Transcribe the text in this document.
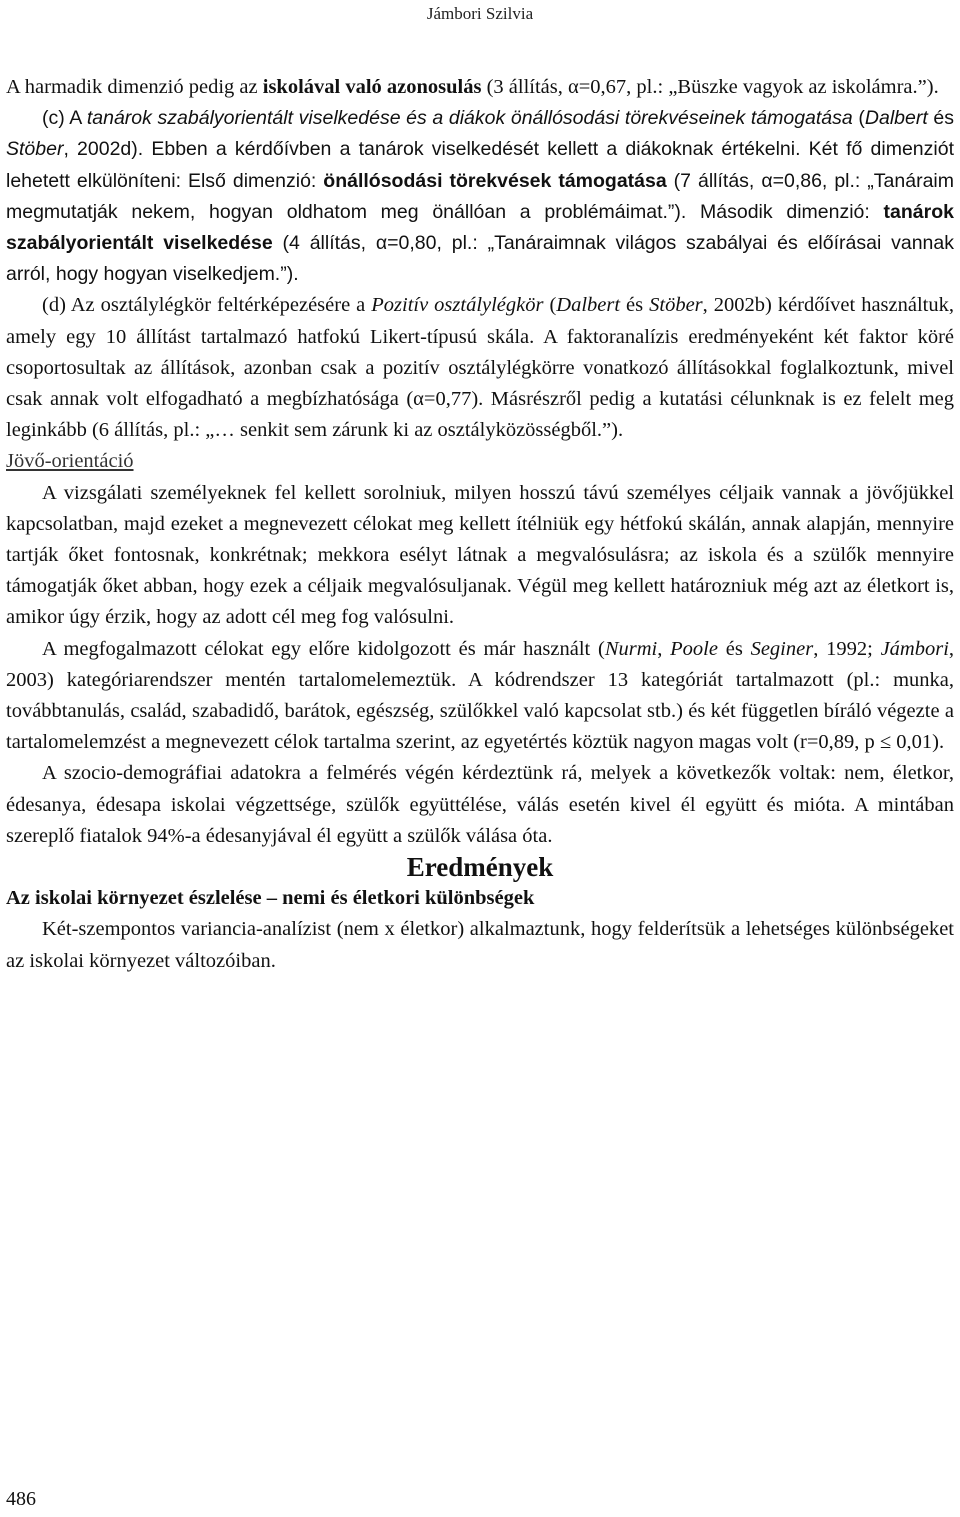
Jámbori Szilvia

A harmadik dimenzió pedig az iskolával való azonosulás (3 állítás, α=0,67, pl.: „Büszke vagyok az iskolámra.”).

(c) A tanárok szabályorientált viselkedése és a diákok önállósodási törekvéseinek támogatása (Dalbert és Stöber, 2002d). Ebben a kérdőívben a tanárok viselkedését kellett a diákoknak értékelni. Két fő dimenziót lehetett elkülöníteni: Első dimenzió: önállósodási törekvések támogatása (7 állítás, α=0,86, pl.: „Tanáraim megmutatják nekem, hogyan oldhatom meg önállóan a problémáimat.”). Második dimenzió: tanárok szabályorientált viselkedése (4 állítás, α=0,80, pl.: „Tanáraimnak világos szabályai és előírásai vannak arról, hogy hogyan viselkedjem.”).

(d) Az osztálylégkör feltérképezésére a Pozitív osztálylégkör (Dalbert és Stöber, 2002b) kérdőívet használtuk, amely egy 10 állítást tartalmazó hatfokú Likert-típusú skála. A faktoranalízis eredményeként két faktor köré csoportosultak az állítások, azonban csak a pozitív osztálylégkörre vonatkozó állításokkal foglalkoztunk, mivel csak annak volt elfogadható a megbízhatósága (α=0,77). Másrészről pedig a kutatási célunknak is ez felelt meg leginkább (6 állítás, pl.: „… senkit sem zárunk ki az osztályközösségből.”).

Jövő-orientáció

A vizsgálati személyeknek fel kellett sorolniuk, milyen hosszú távú személyes céljaik vannak a jövőjükkel kapcsolatban, majd ezeket a megnevezett célokat meg kellett ítélniük egy hétfokú skálán, annak alapján, mennyire tartják őket fontosnak, konkrétnak; mekkora esélyt látnak a megvalósulásra; az iskola és a szülők mennyire támogatják őket abban, hogy ezek a céljaik megvalósuljanak. Végül meg kellett határozniuk még azt az életkort is, amikor úgy érzik, hogy az adott cél meg fog valósulni.

A megfogalmazott célokat egy előre kidolgozott és már használt (Nurmi, Poole és Seginer, 1992; Jámbori, 2003) kategóriarendszer mentén tartalomelemeztük. A kódrendszer 13 kategóriát tartalmazott (pl.: munka, továbbtanulás, család, szabadidő, barátok, egészség, szülőkkel való kapcsolat stb.) és két független bíráló végezte a tartalomelemzést a megnevezett célok tartalma szerint, az egyetértés köztük nagyon magas volt (r=0,89, p ≤ 0,01).

A szocio-demográfiai adatokra a felmérés végén kérdeztünk rá, melyek a következők voltak: nem, életkor, édesanya, édesapa iskolai végzettsége, szülők együttélése, válás esetén kivel él együtt és mióta. A mintában szereplő fiatalok 94%-a édesanyjával él együtt a szülők válása óta.

Eredmények

Az iskolai környezet észlelése – nemi és életkori különbségek

Két-szempontos variancia-analízist (nem x életkor) alkalmaztunk, hogy felderítsük a lehetséges különbségeket az iskolai környezet változóiban.

486
